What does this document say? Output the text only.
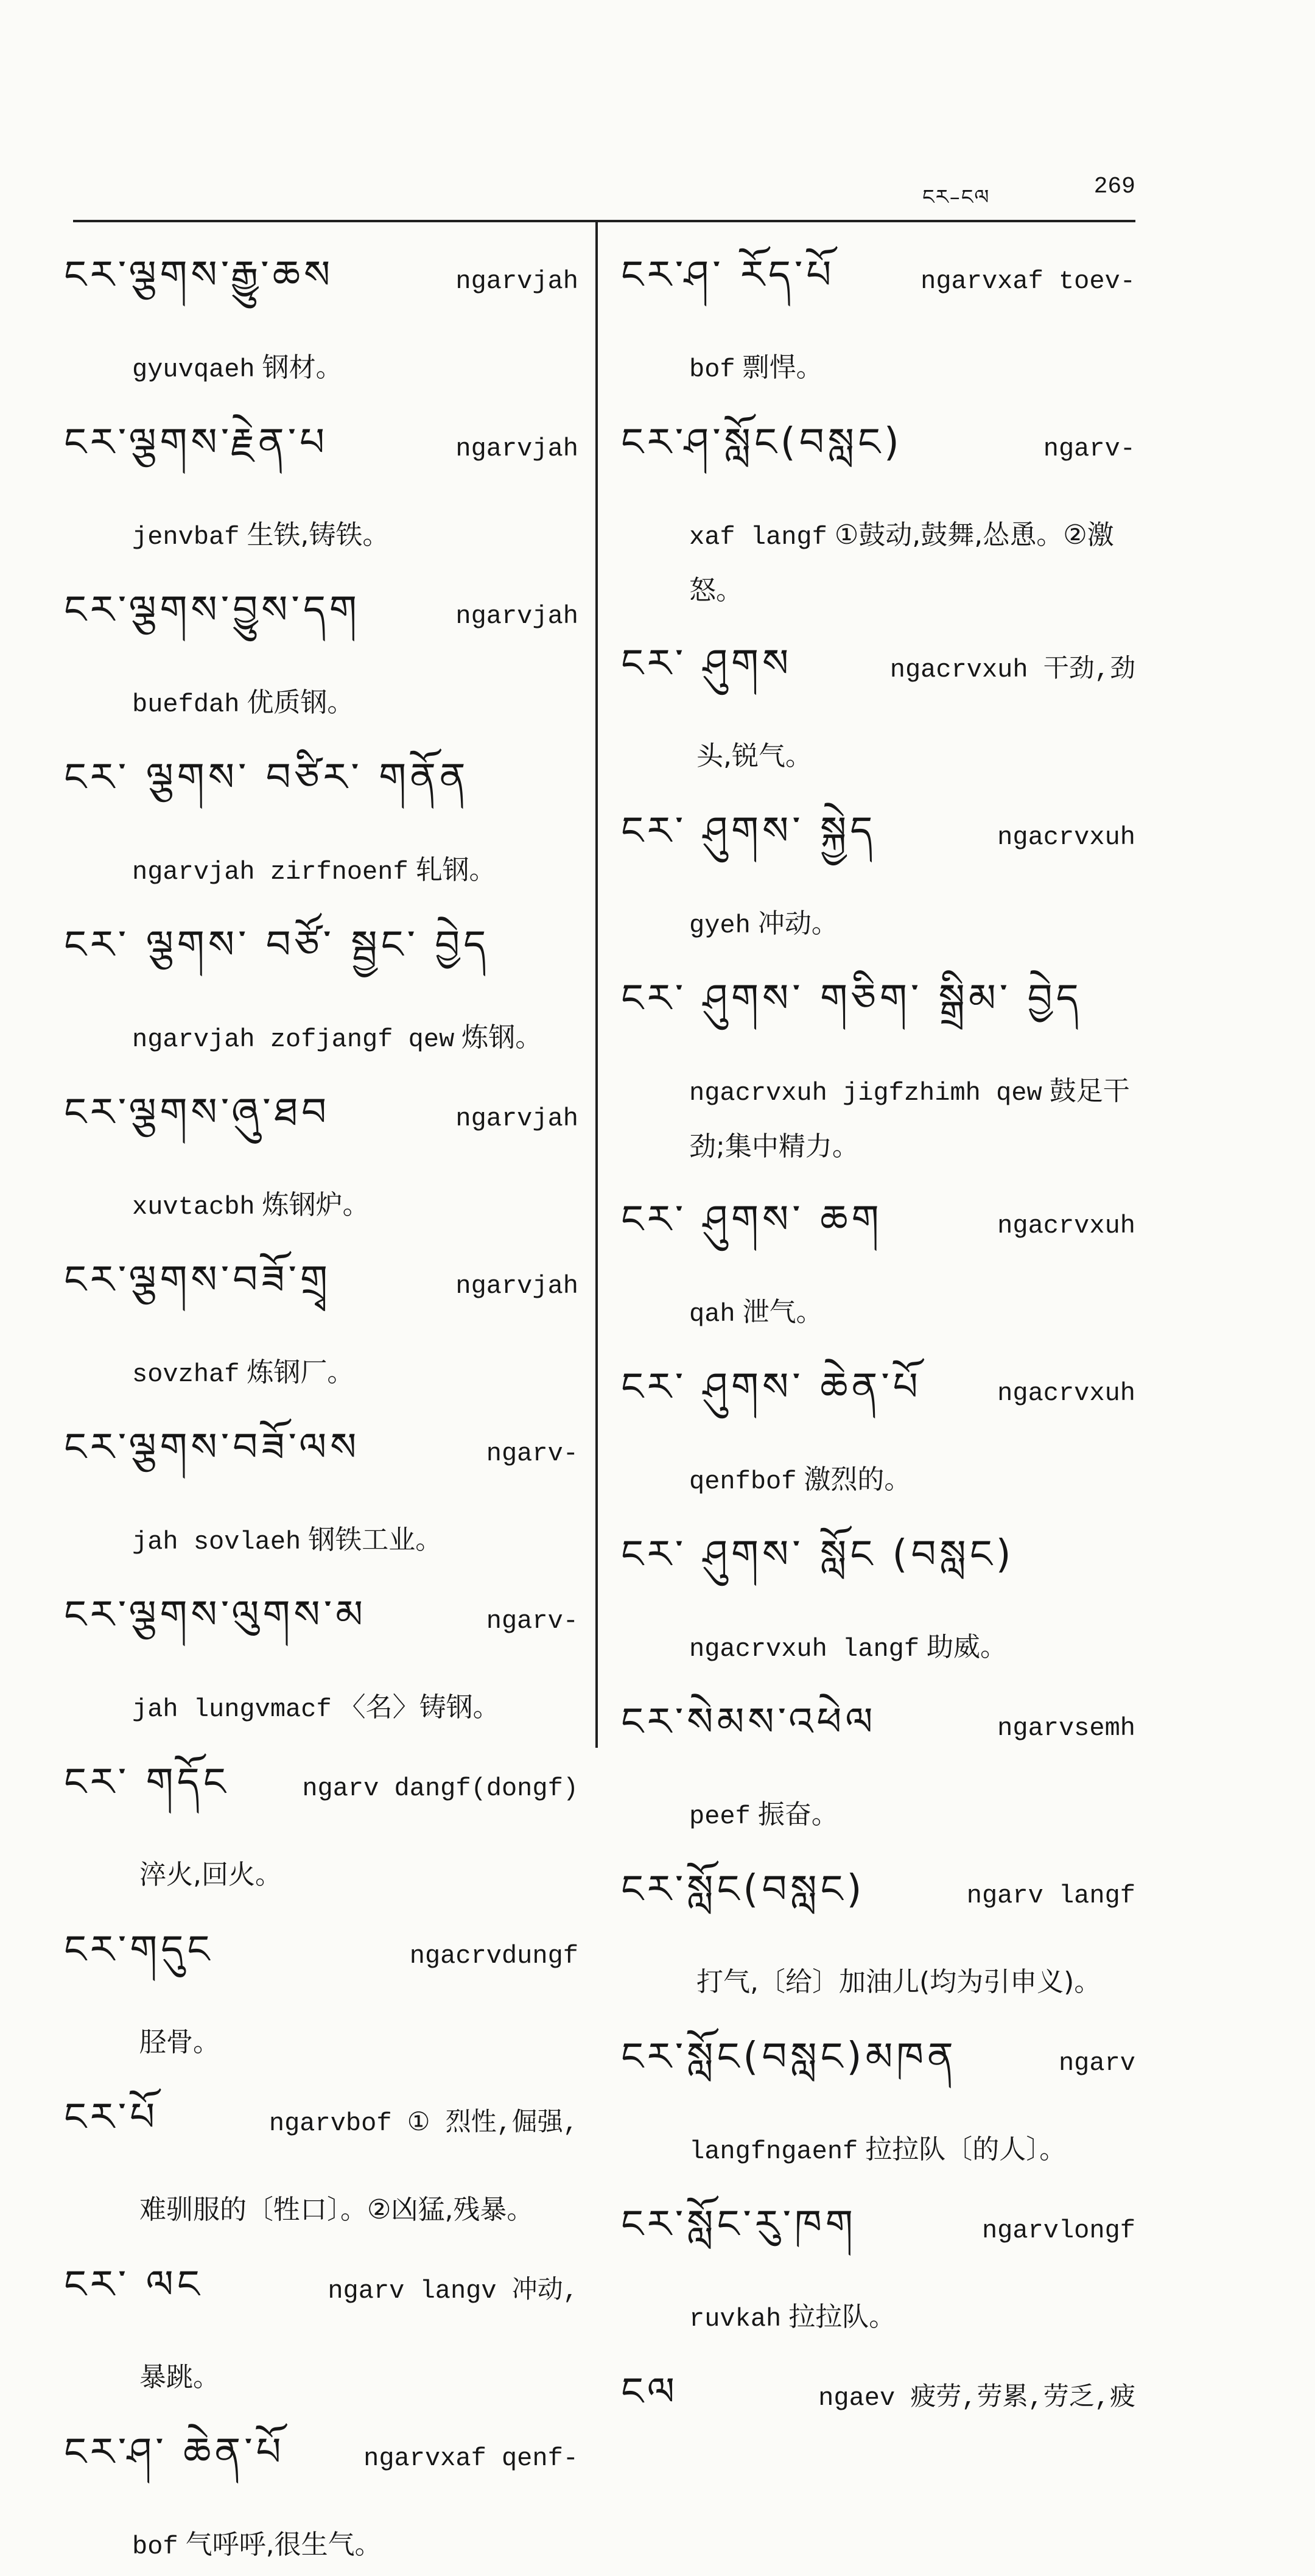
ངར–ངལ	269
ངར་ལྕགས་རྒྱུ་ཆས	ngarvjah
gyuvqaeh 钢材。
ངར་ལྕགས་རྗེན་པ	ngarvjah
jenvbaf 生铁,铸铁。
ངར་ལྕགས་བྱུས་དག	ngarvjah
buefdah 优质钢。
ངར་ ལྕགས་ བཙིར་ གནོན
ngarvjah zirfnoenf 轧钢。
ངར་ ལྕགས་ བཙོ་ སྦྱང་ བྱེད
ngarvjah zofjangf qew 炼钢。
ངར་ལྕགས་ཞུ་ཐབ	ngarvjah
xuvtacbh 炼钢炉。
ངར་ལྕགས་བཟོ་གྲྭ	ngarvjah
sovzhaf 炼钢厂。
ངར་ལྕགས་བཟོ་ལས	ngarv-
jah sovlaeh 钢铁工业。
ངར་ལྕགས་ལུགས་མ	ngarv-
jah lungvmacf 〈名〉铸钢。
ངར་ གདོང	ngarv dangf(dongf)
淬火,回火。
ངར་གདུང	ngacrvdungf
胫骨。
ངར་པོ	ngarvbof ① 烈性,倔强,
难驯服的〔牲口〕。②凶猛,残暴。
ངར་ ལང	ngarv langv 冲动,
暴跳。
ངར་ཤ་ ཆེན་པོ	ngarvxaf qenf-
bof 气呼呼,很生气。
ངར་ཤ་ རོད་པོ	ngarvxaf toev-
bof 剽悍。
ངར་ཤ་སློང(བསླང)	ngarv-
xaf langf ①鼓动,鼓舞,怂恿。②激怒。
ངར་ ཤུགས	ngacrvxuh 干劲,劲
头,锐气。
ངར་ ཤུགས་ སྐྱེད	ngacrvxuh
gyeh 冲动。
ངར་ ཤུགས་ གཅིག་ སྒྲིམ་ བྱེད
ngacrvxuh jigfzhimh qew 鼓足干劲;集中精力。
ངར་ ཤུགས་ ཆག	ngacrvxuh
qah 泄气。
ངར་ ཤུགས་ ཆེན་པོ	ngacrvxuh
qenfbof 激烈的。
ངར་ ཤུགས་ སློང (བསླང)
ngacrvxuh langf 助威。
ངར་སེམས་འཕེལ	ngarvsemh
peef 振奋。
ངར་སློང(བསླང)	ngarv langf
打气,〔给〕加油儿(均为引申义)。
ངར་སློང(བསླང)མཁན	ngarv
langfngaenf 拉拉队〔的人〕。
ངར་སློང་རུ་ཁག	ngarvlongf
ruvkah 拉拉队。
ངལ	ngaev 疲劳,劳累,劳乏,疲
